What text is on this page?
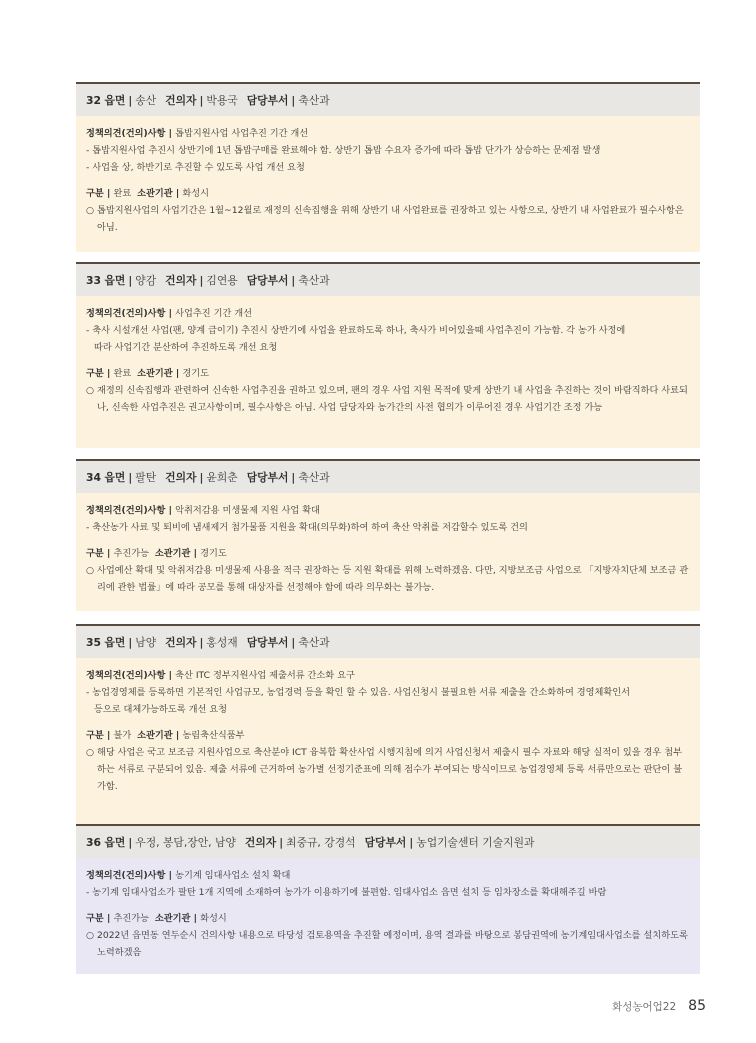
32
읍면 | 송산 건의자 | 박용국 담당부서 | 축산과
정책의견(건의)사항 | 톱밥지원사업 사업추진 기간 개선
- 톱밥지원사업 추진시 상반기에 1년 톱밥구매를 완료해야 함. 상반기 톱밥 수요자 증가에 따라 톱밥 단가가 상승하는 문제점 발생
- 사업을 상, 하반기로 추진할 수 있도록 사업 개선 요청
구분 | 완료 소관기관 | 화성시
○ 톱밥지원사업의 사업기간은 1월~12월로 재정의 신속집행을 위해 상반기 내 사업완료를 권장하고 있는 사항으로, 상반기 내 사업완료가 필수사항은 아님.
33
읍면 | 양감 건의자 | 김연용 담당부서 | 축산과
정책의견(건의)사항 | 사업추진 기간 개선
- 축사 시설개선 사업(팬, 양계 급이기) 추진시 상반기에 사업을 완료하도록 하나, 축사가 비어있을때 사업추진이 가능함. 각 농가 사정에
따라 사업기간 분산하여 추진하도록 개선 요청
구분 | 완료 소관기관 | 경기도
○ 재정의 신속집행과 관련하여 신속한 사업추진을 권하고 있으며, 팬의 경우 사업 지원 목적에 맞게 상반기 내 사업을 추진하는 것이 바람직하다 사료되나, 신속한 사업추진은 권고사항이며, 필수사항은 아님. 사업 담당자와 농가간의 사전 협의가 이루어진 경우 사업기간 조정 가능
34
읍면 | 팔탄 건의자 | 윤희춘 담당부서 | 축산과
정책의견(건의)사항 | 악취저감용 미생물제 지원 사업 확대
- 축산농가 사료 및 퇴비에 냄새제거 첨가물품 지원을 확대(의무화)하여 하여 축산 악취를 저감할수 있도록 건의
구분 | 추진가능 소관기관 | 경기도
○ 사업예산 확대 및 악취저감용 미생물제 사용을 적극 권장하는 등 지원 확대를 위해 노력하겠음. 다만, 지방보조금 사업으로 「지방자치단체 보조금 관리에 관한 법률」에 따라 공모를 통해 대상자를 선정해야 함에 따라 의무화는 불가능.
35
읍면 | 남양 건의자 | 홍성재 담당부서 | 축산과
정책의견(건의)사항 | 축산 ITC 정부지원사업 제출서류 간소화 요구
- 농업경영체를 등록하면 기본적인 사업규모, 농업경력 등을 확인 할 수 있음. 사업신청시 불필요한 서류 제출을 간소화하여 경영체확인서
등으로 대체가능하도록 개선 요청
구분 | 불가 소관기관 | 농림축산식품부
○ 해당 사업은 국고 보조금 지원사업으로 축산분야 ICT 융복합 확산사업 시행지침에 의거 사업신청서 제출시 필수 자료와 해당 실적이 있을 경우 첨부하는 서류로 구분되어 있음. 제출 서류에 근거하여 농가별 선정기준표에 의해 점수가 부여되는 방식이므로 농업경영체 등록 서류만으로는 판단이 불가함.
36
읍면 | 우정, 봉담,장안, 남양 건의자 | 최중규, 강경석 담당부서 | 농업기술센터 기술지원과
정책의견(건의)사항 | 농기계 임대사업소 설치 확대
- 농기계 임대사업소가 팔탄 1개 지역에 소재하여 농가가 이용하기에 불편함. 임대사업소 읍면 설치 등 임차장소를 확대해주길 바람
구분 | 추진가능 소관기관 | 화성시
○ 2022년 읍면동 연두순시 건의사항 내용으로 타당성 검토용역을 추진할 예정이며, 용역 결과를 바탕으로 봉담권역에 농기계임대사업소를 설치하도록 노력하겠음
화성농어업22 85
